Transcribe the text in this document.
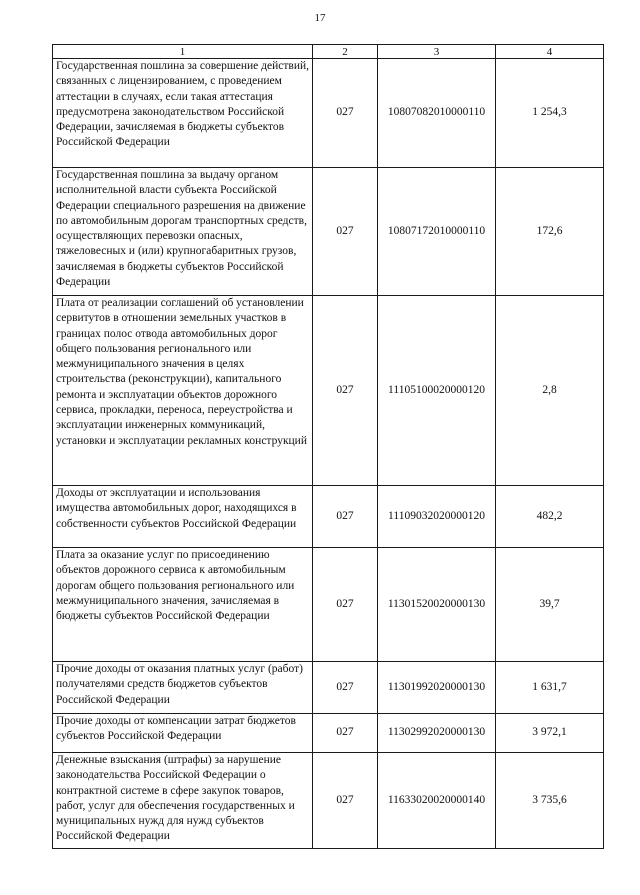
17
1	2	3	4
Государственная пошлина за совершение действий, связанных с лицензированием, с проведением аттестации в случаях, если такая аттестация предусмотрена законодательством Российской Федерации, зачисляемая в бюджеты субъектов Российской Федерации	027	10807082010000110	1 254,3
Государственная пошлина за выдачу органом исполнительной власти субъекта Российской Федерации специального разрешения на движение по автомобильным дорогам транспортных средств, осуществляющих перевозки опасных, тяжеловесных и (или) крупногабаритных грузов, зачисляемая в бюджеты субъектов Российской Федерации	027	10807172010000110	172,6
Плата от реализации соглашений об установлении сервитутов в отношении земельных участков в границах полос отвода автомобильных дорог общего пользования регионального или межмуниципального значения в целях строительства (реконструкции), капитального ремонта и эксплуатации объектов дорожного сервиса, прокладки, переноса, переустройства и эксплуатации инженерных коммуникаций, установки и эксплуатации рекламных конструкций	027	11105100020000120	2,8
Доходы от эксплуатации и использования имущества автомобильных дорог, находящихся в собственности субъектов Российской Федерации	027	11109032020000120	482,2
Плата за оказание услуг по присоединению объектов дорожного сервиса к автомобильным дорогам общего пользования регионального или межмуниципального значения, зачисляемая в бюджеты субъектов Российской Федерации	027	11301520020000130	39,7
Прочие доходы от оказания платных услуг (работ) получателями средств бюджетов субъектов Российской Федерации	027	11301992020000130	1 631,7
Прочие доходы от компенсации затрат бюджетов субъектов Российской Федерации	027	11302992020000130	3 972,1
Денежные взыскания (штрафы) за нарушение законодательства Российской Федерации о контрактной системе в сфере закупок товаров, работ, услуг для обеспечения государственных и муниципальных нужд для нужд субъектов Российской Федерации	027	11633020020000140	3 735,6
